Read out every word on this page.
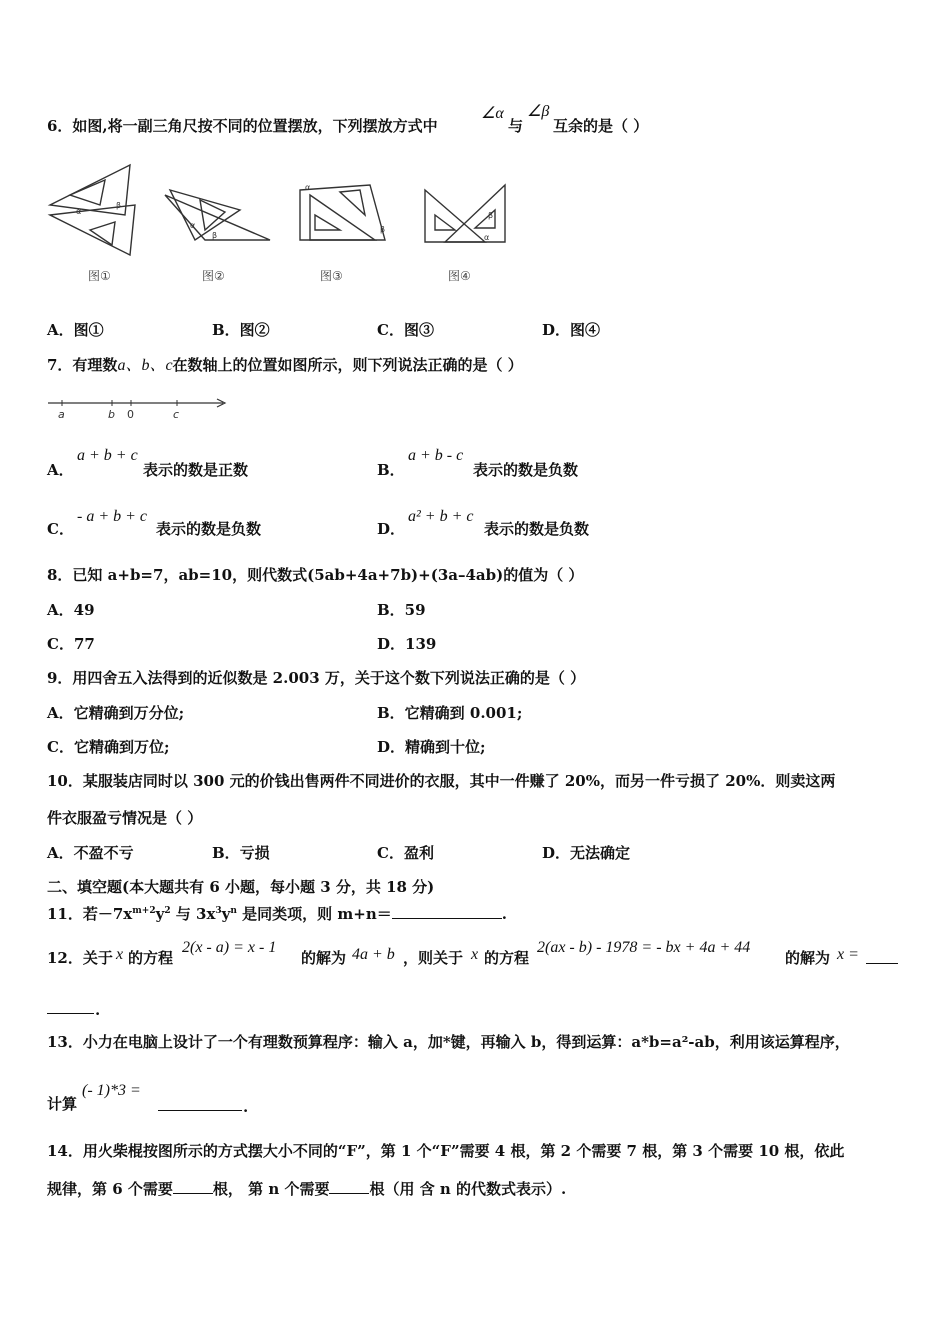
6．如图,将一副三角尺按不同的位置摆放，下列摆放方式中
∠α
与
∠β
互余的是（ ）
α
β
α
β
α
β
β
α
图①	图②	图③	图④
A．图①	B．图②	C．图③	D．图④
7．有理数a、b、c在数轴上的位置如图所示，则下列说法正确的是（ ）
a	b 0	c
A．
a + b + c
表示的数是正数	B．
a + b - c
表示的数是负数
C．
- a + b + c
表示的数是负数	D．
a² + b + c
表示的数是负数
8．已知 a+b=7，ab=10，则代数式(5ab+4a+7b)+(3a–4ab)的值为（ ）
A．49	B．59
C．77	D．139
9．用四舍五入法得到的近似数是 2.003 万，关于这个数下列说法正确的是（ ）
A．它精确到万分位;	B．它精确到 0.001;
C．它精确到万位;	D．精确到十位;
10．某服装店同时以 300 元的价钱出售两件不同进价的衣服，其中一件赚了 20%，而另一件亏损了 20%．则卖这两
件衣服盈亏情况是（ ）
A．不盈不亏	B．亏损	C．盈利	D．无法确定
二、填空题(本大题共有 6 小题，每小题 3 分，共 18 分)
11．若$-7x^{m+2}y^2$ 与 $3x^3y^n$ 是同类项，则 m+n＝	.
12．关于 x 的方程
2(x - a) = x - 1
的解为 4a + b ，则关于 x 的方程
2(ax - b) - 1978 = - bx + 4a + 44
的解为 x =
.
13．小力在电脑上设计了一个有理数预算程序：输入 a，加*键，再输入 b，得到运算：a*b=a²-ab，利用该运算程序，
计算
(- 1)*3 =
.
14．用火柴棍按图所示的方式摆大小不同的“F”，第 1 个“F”需要 4 根，第 2 个需要 7 根，第 3 个需要 10 根，依此
规律，第 6 个需要	根， 第 n 个需要	根（用 含 n 的代数式表示）.
